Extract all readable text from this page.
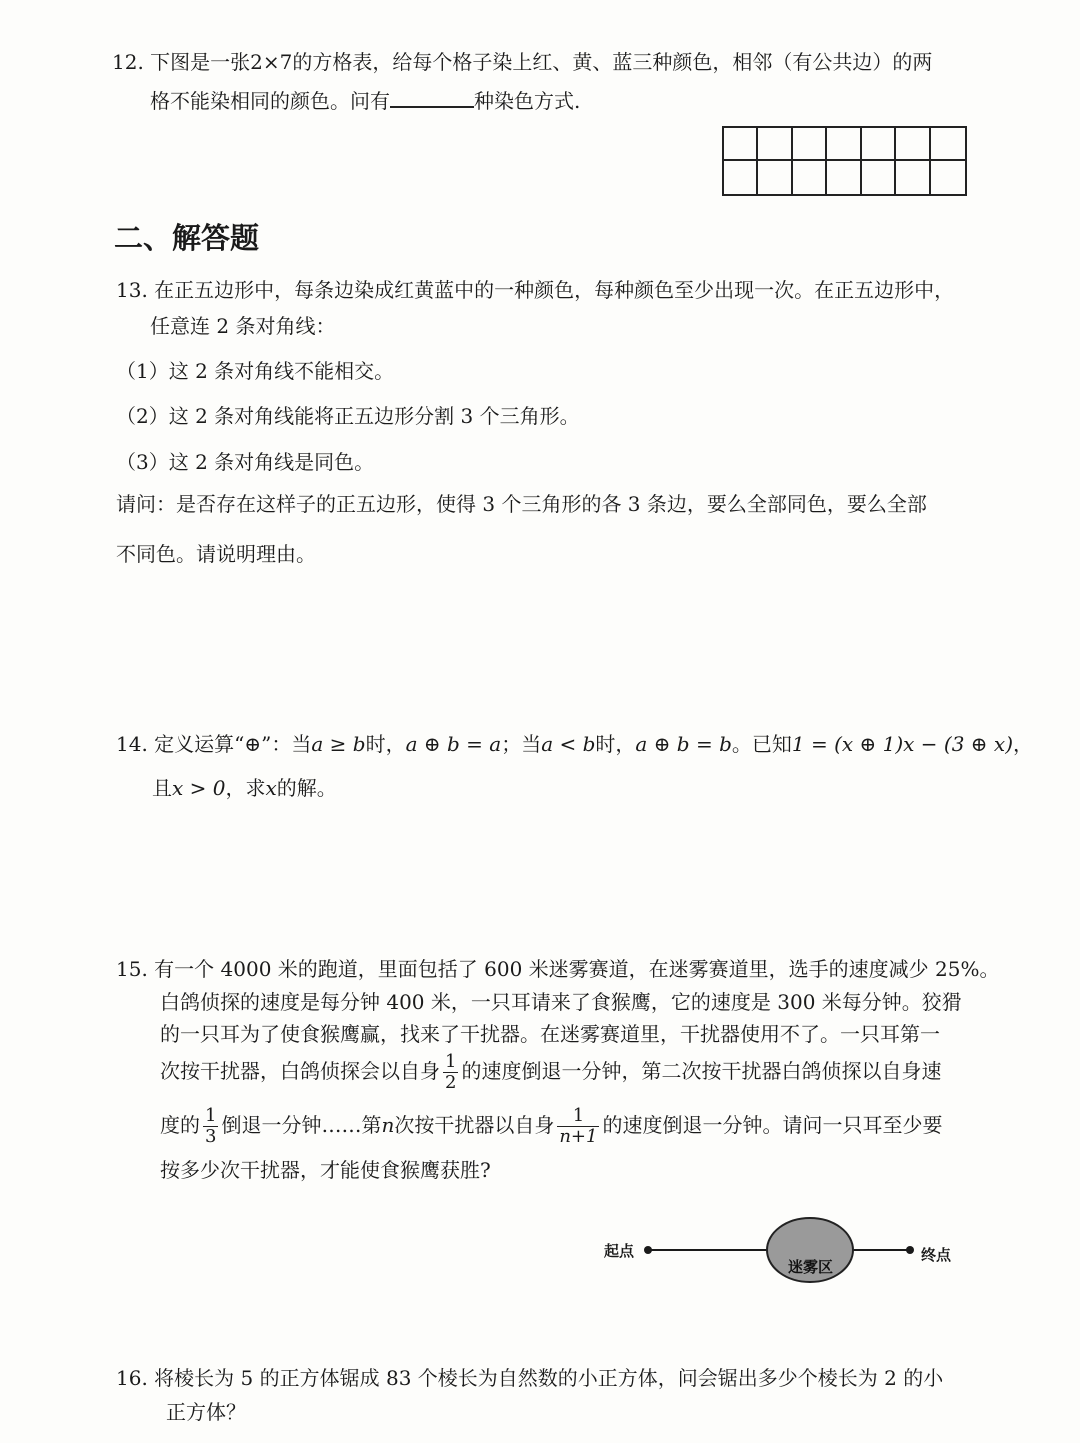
12. 下图是一张2×7的方格表，给每个格子染上红、黄、蓝三种颜色，相邻（有公共边）的两
格不能染相同的颜色。问有	种染色方式.
二、解答题
13. 在正五边形中，每条边染成红黄蓝中的一种颜色，每种颜色至少出现一次。在正五边形中，
任意连 2 条对角线：
（1）这 2 条对角线不能相交。
（2）这 2 条对角线能将正五边形分割 3 个三角形。
（3）这 2 条对角线是同色。
请问：是否存在这样子的正五边形，使得 3 个三角形的各 3 条边，要么全部同色，要么全部
不同色。请说明理由。
14. 定义运算“⊕”：当a ≥ b时，a ⊕ b = a；当a < b时，a ⊕ b = b。已知1 = (x ⊕ 1)x − (3 ⊕ x)，
且x > 0，求x的解。
15. 有一个 4000 米的跑道，里面包括了 600 米迷雾赛道，在迷雾赛道里，选手的速度减少 25%。
白鸽侦探的速度是每分钟 400 米，一只耳请来了食猴鹰，它的速度是 300 米每分钟。狡猾
的一只耳为了使食猴鹰赢，找来了干扰器。在迷雾赛道里，干扰器使用不了。一只耳第一
次按干扰器，白鸽侦探会以自身 $\frac{1}{2}$ 的速度倒退一分钟，第二次按干扰器白鸽侦探以自身速
度的 $\frac{1}{3}$ 倒退一分钟……第n次按干扰器以自身 $\frac{1}{n+1}$ 的速度倒退一分钟。请问一只耳至少要
按多少次干扰器，才能使食猴鹰获胜?
起点	终点
迷雾区
16. 将棱长为 5 的正方体锯成 83 个棱长为自然数的小正方体，问会锯出多少个棱长为 2 的小
正方体？
